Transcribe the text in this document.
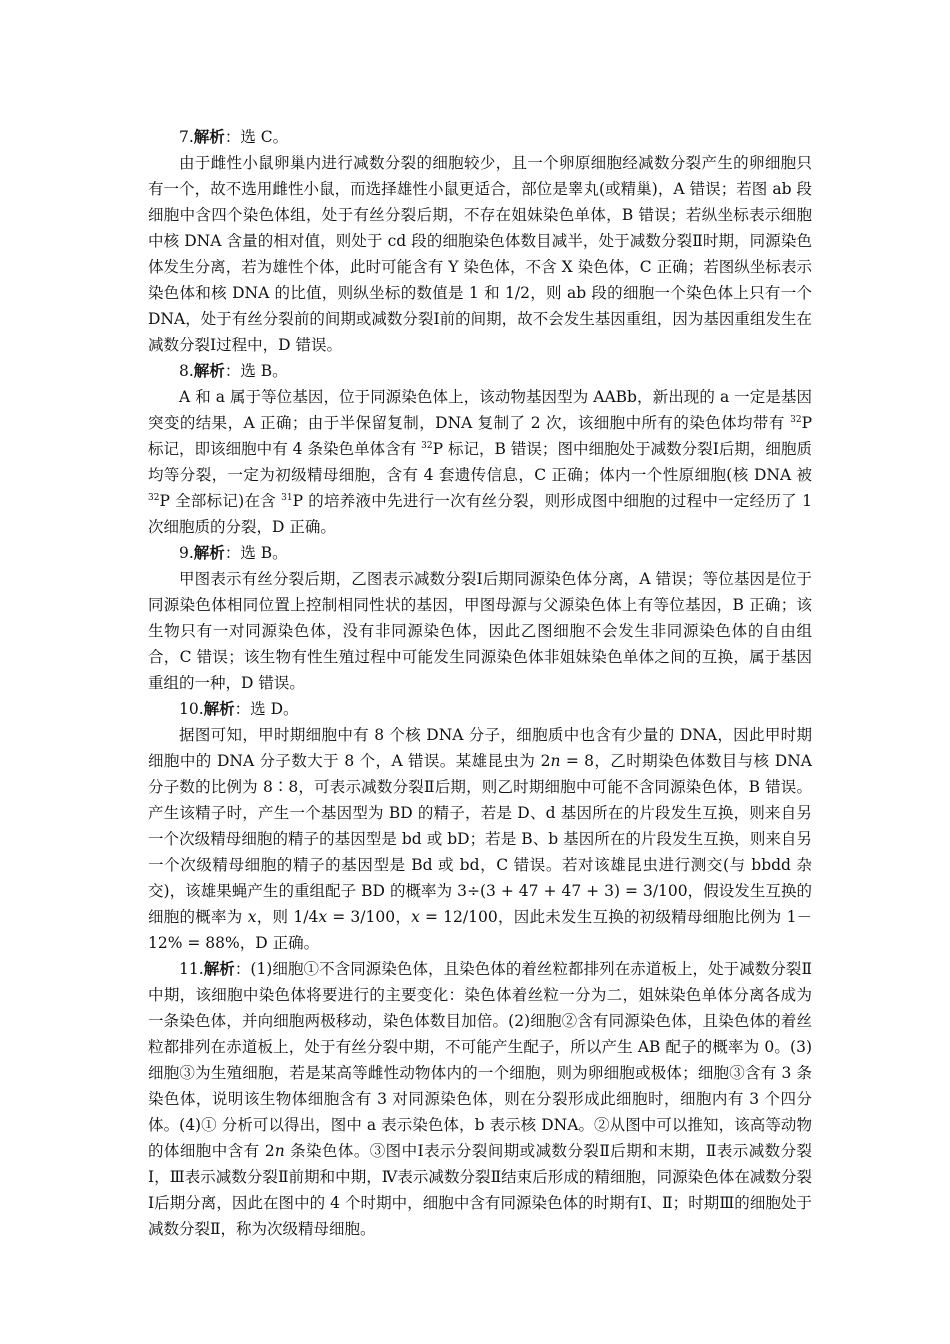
7.解析：选 C。

由于雌性小鼠卵巢内进行减数分裂的细胞较少，且一个卵原细胞经减数分裂产生的卵细胞只有一个，故不选用雌性小鼠，而选择雄性小鼠更适合，部位是睾丸(或精巢)，A 错误；若图 ab 段细胞中含四个染色体组，处于有丝分裂后期，不存在姐妹染色单体，B 错误；若纵坐标表示细胞中核 DNA 含量的相对值，则处于 cd 段的细胞染色体数目减半，处于减数分裂Ⅱ时期，同源染色体发生分离，若为雄性个体，此时可能含有 Y 染色体，不含 X 染色体，C 正确；若图纵坐标表示染色体和核 DNA 的比值，则纵坐标的数值是 1 和 1/2，则 ab 段的细胞一个染色体上只有一个 DNA，处于有丝分裂前的间期或减数分裂Ⅰ前的间期，故不会发生基因重组，因为基因重组发生在减数分裂Ⅰ过程中，D 错误。

8.解析：选 B。

A 和 a 属于等位基因，位于同源染色体上，该动物基因型为 AABb，新出现的 a 一定是基因突变的结果，A 正确；由于半保留复制，DNA 复制了 2 次，该细胞中所有的染色体均带有 $^{32}$P 标记，即该细胞中有 4 条染色单体含有 $^{32}$P 标记，B 错误；图中细胞处于减数分裂Ⅰ后期，细胞质均等分裂，一定为初级精母细胞，含有 4 套遗传信息，C 正确；体内一个性原细胞(核 DNA 被 $^{32}$P 全部标记)在含 $^{31}$P 的培养液中先进行一次有丝分裂，则形成图中细胞的过程中一定经历了 1 次细胞质的分裂，D 正确。

9.解析：选 B。

甲图表示有丝分裂后期，乙图表示减数分裂Ⅰ后期同源染色体分离，A 错误；等位基因是位于同源染色体相同位置上控制相同性状的基因，甲图母源与父源染色体上有等位基因，B 正确；该生物只有一对同源染色体，没有非同源染色体，因此乙图细胞不会发生非同源染色体的自由组合，C 错误；该生物有性生殖过程中可能发生同源染色体非姐妹染色单体之间的互换，属于基因重组的一种，D 错误。

10.解析：选 D。

据图可知，甲时期细胞中有 8 个核 DNA 分子，细胞质中也含有少量的 DNA，因此甲时期细胞中的 DNA 分子数大于 8 个，A 错误。某雄昆虫为 2n = 8，乙时期染色体数目与核 DNA 分子数的比例为 8∶8，可表示减数分裂Ⅱ后期，则乙时期细胞中可能不含同源染色体，B 错误。产生该精子时，产生一个基因型为 BD 的精子，若是 D、d 基因所在的片段发生互换，则来自另一个次级精母细胞的精子的基因型是 bd 或 bD；若是 B、b 基因所在的片段发生互换，则来自另一个次级精母细胞的精子的基因型是 Bd 或 bd，C 错误。若对该雄昆虫进行测交(与 bbdd 杂交)，该雄果蝇产生的重组配子 BD 的概率为 3÷(3 + 47 + 47 + 3) = 3/100，假设发生互换的细胞的概率为 x，则 1/4x = 3/100，x = 12/100，因此未发生互换的初级精母细胞比例为 1－12% = 88%，D 正确。

11.解析：(1)细胞①不含同源染色体，且染色体的着丝粒都排列在赤道板上，处于减数分裂Ⅱ中期，该细胞中染色体将要进行的主要变化：染色体着丝粒一分为二，姐妹染色单体分离各成为一条染色体，并向细胞两极移动，染色体数目加倍。(2)细胞②含有同源染色体，且染色体的着丝粒都排列在赤道板上，处于有丝分裂中期，不可能产生配子，所以产生 AB 配子的概率为 0。(3)细胞③为生殖细胞，若是某高等雌性动物体内的一个细胞，则为卵细胞或极体；细胞③含有 3 条染色体，说明该生物体细胞含有 3 对同源染色体，则在分裂形成此细胞时，细胞内有 3 个四分体。(4)① 分析可以得出，图中 a 表示染色体，b 表示核 DNA。②从图中可以推知，该高等动物的体细胞中含有 2n 条染色体。③图中Ⅰ表示分裂间期或减数分裂Ⅱ后期和末期，Ⅱ表示减数分裂Ⅰ，Ⅲ表示减数分裂Ⅱ前期和中期，Ⅳ表示减数分裂Ⅱ结束后形成的精细胞，同源染色体在减数分裂Ⅰ后期分离，因此在图中的 4 个时期中，细胞中含有同源染色体的时期有Ⅰ、Ⅱ；时期Ⅲ的细胞处于减数分裂Ⅱ，称为次级精母细胞。
